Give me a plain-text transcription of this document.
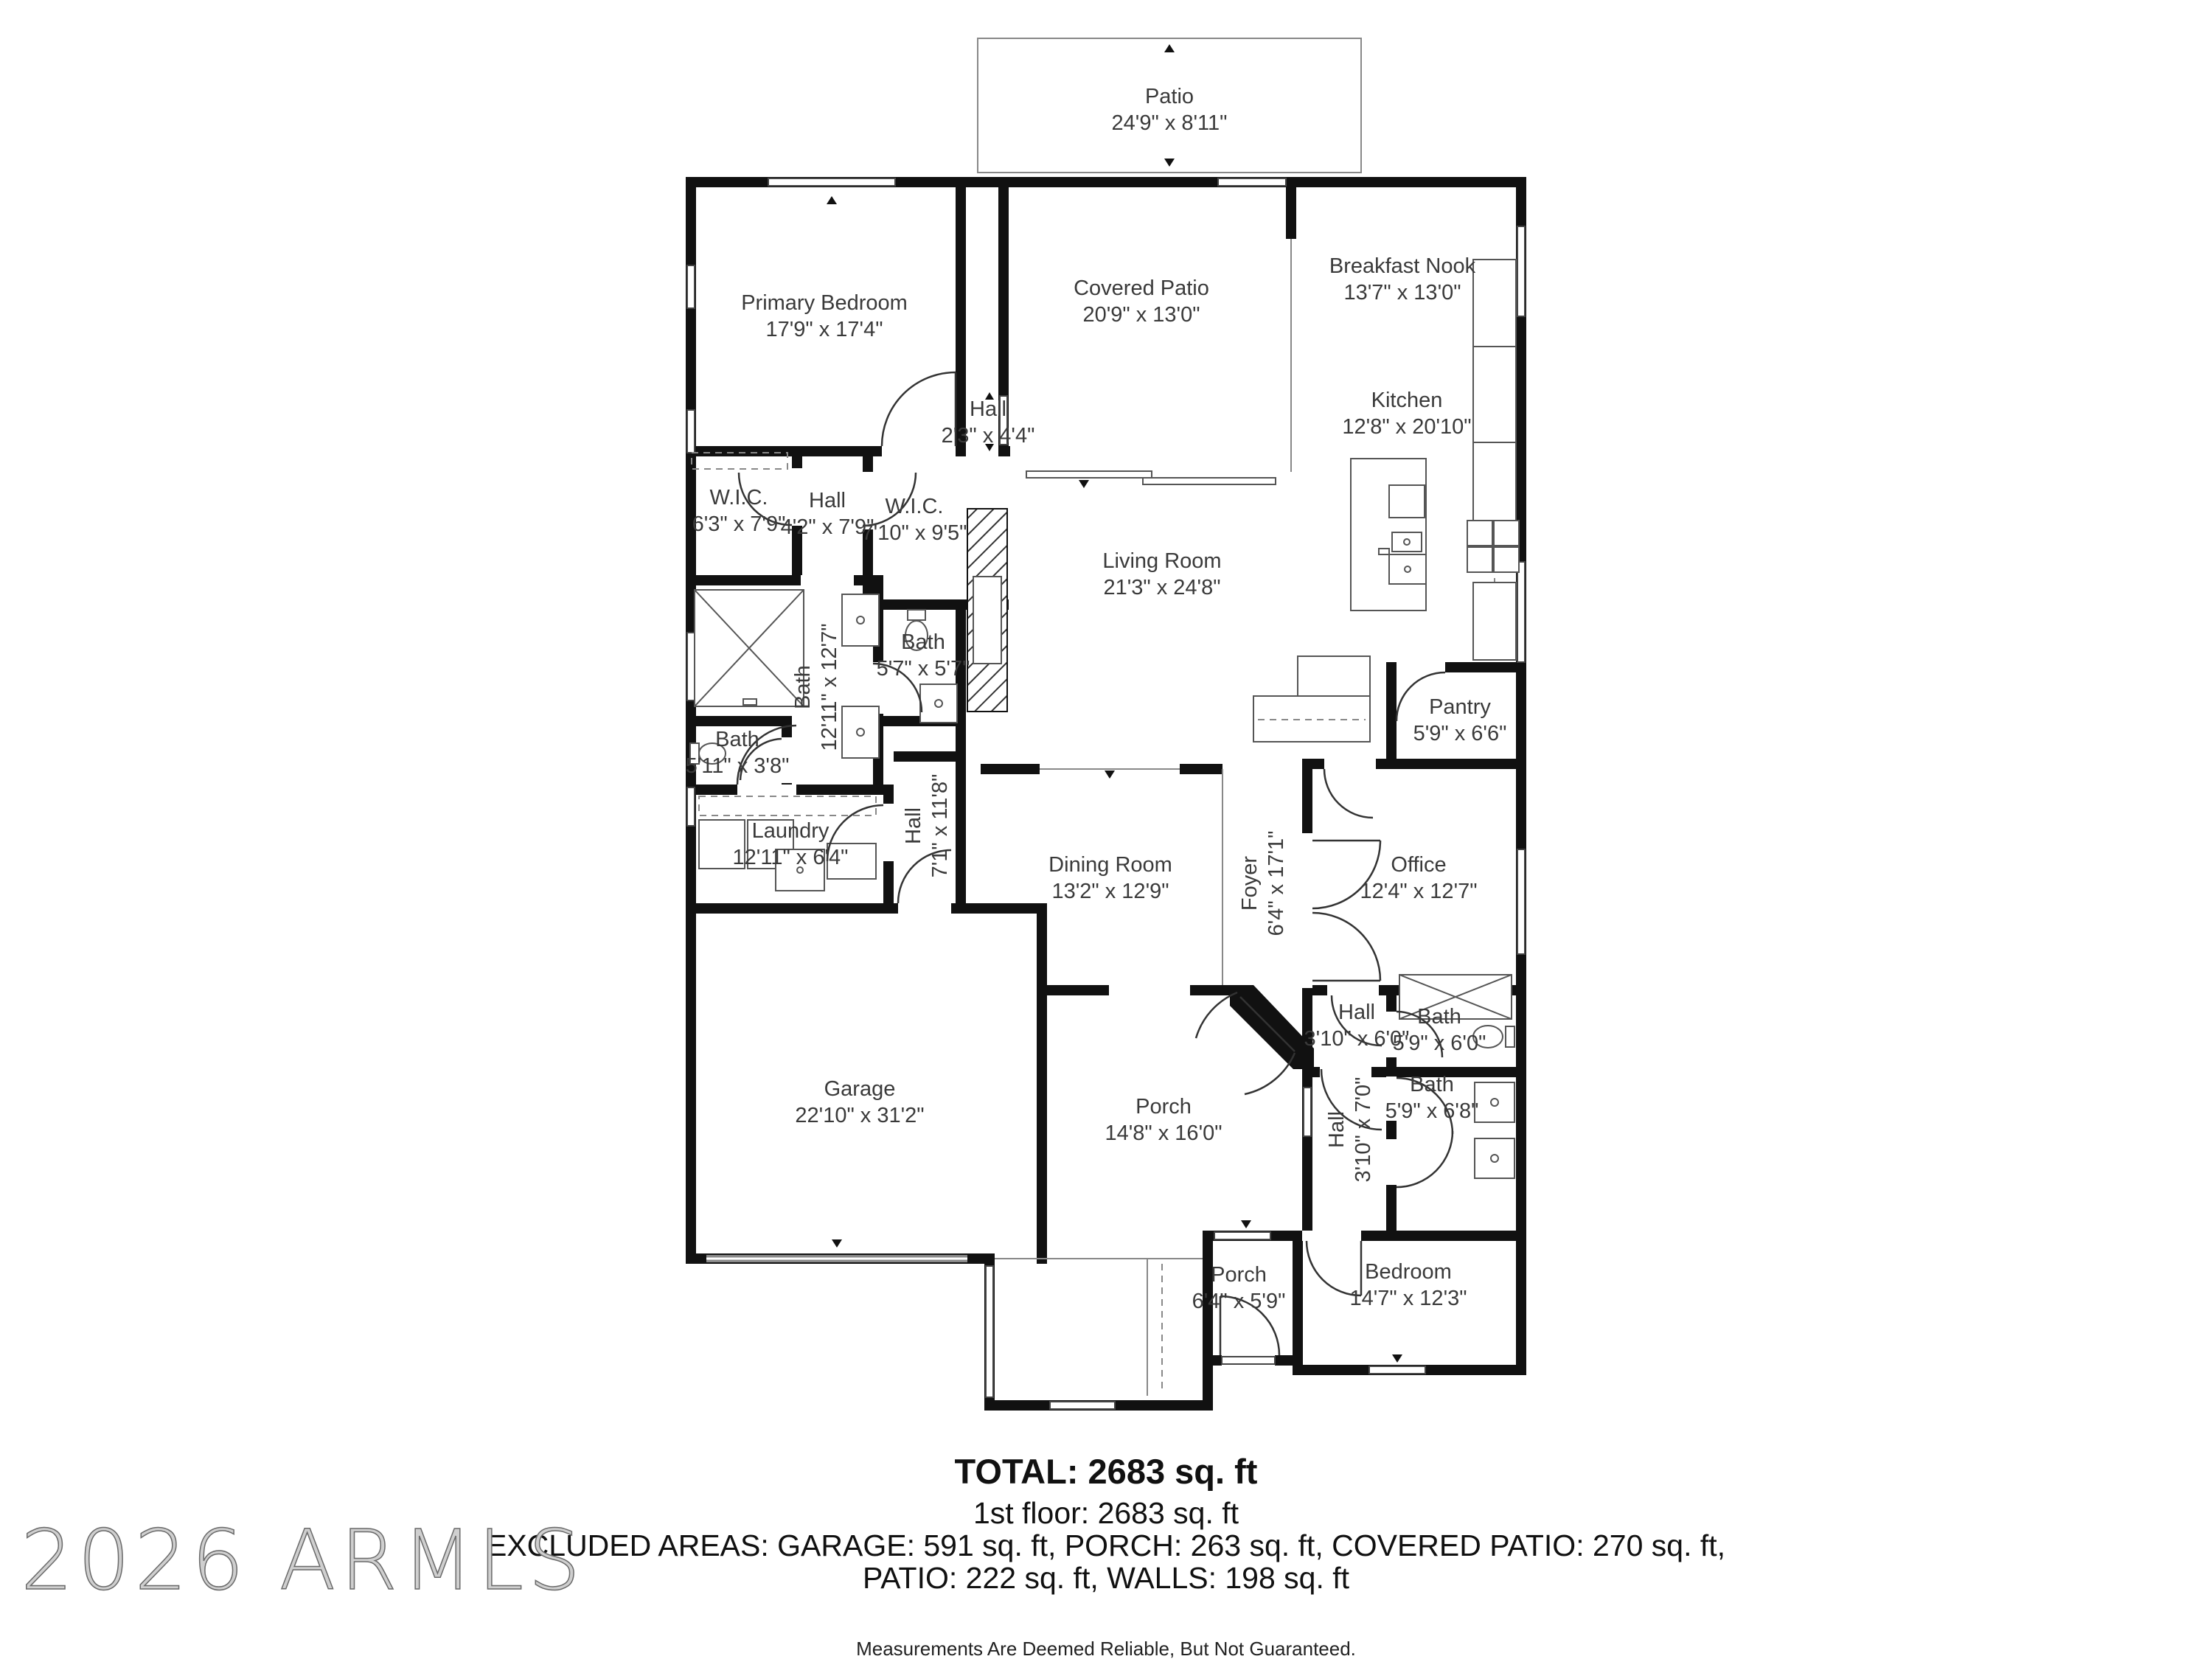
Patio
24'9" x 8'11"
Primary Bedroom
17'9" x 17'4"
Covered Patio
20'9" x 13'0"
Breakfast Nook
13'7" x 13'0"
Kitchen
12'8" x 20'10"
Hall
2'3" x 4'4"
Living Room
21'3" x 24'8"
W.I.C.
6'3" x 7'9"
Hall
4'2" x 7'9"
W.I.C.
7'10" x 9'5"
Bath 12'11" x 12'7"	Bath
5'7" x 5'7"
Bath
5'11" x 3'8"
Laundry
12'11" x 6'4"
Hall 7'1" x 11'8"	Dining Room
13'2" x 12'9"	Foyer 6'4" x 17'1"	Office
12'4" x 12'7"
Pantry
5'9" x 6'6"
Garage
22'10" x 31'2"	Porch
14'8" x 16'0"
Hall
3'10" x 6'0"
Bath
5'9" x 6'0"
Hall 3'10" x 7'0"	Bath
5'9" x 6'8"
Bedroom
14'7" x 12'3"
Porch
6'4" x 5'9"
TOTAL: 2683 sq. ft
1st floor: 2683 sq. ft
EXCLUDED AREAS: GARAGE: 591 sq. ft, PORCH: 263 sq. ft, COVERED PATIO: 270 sq. ft,
PATIO: 222 sq. ft, WALLS: 198 sq. ft
Measurements Are Deemed Reliable, But Not Guaranteed.
2026 ARMLS
